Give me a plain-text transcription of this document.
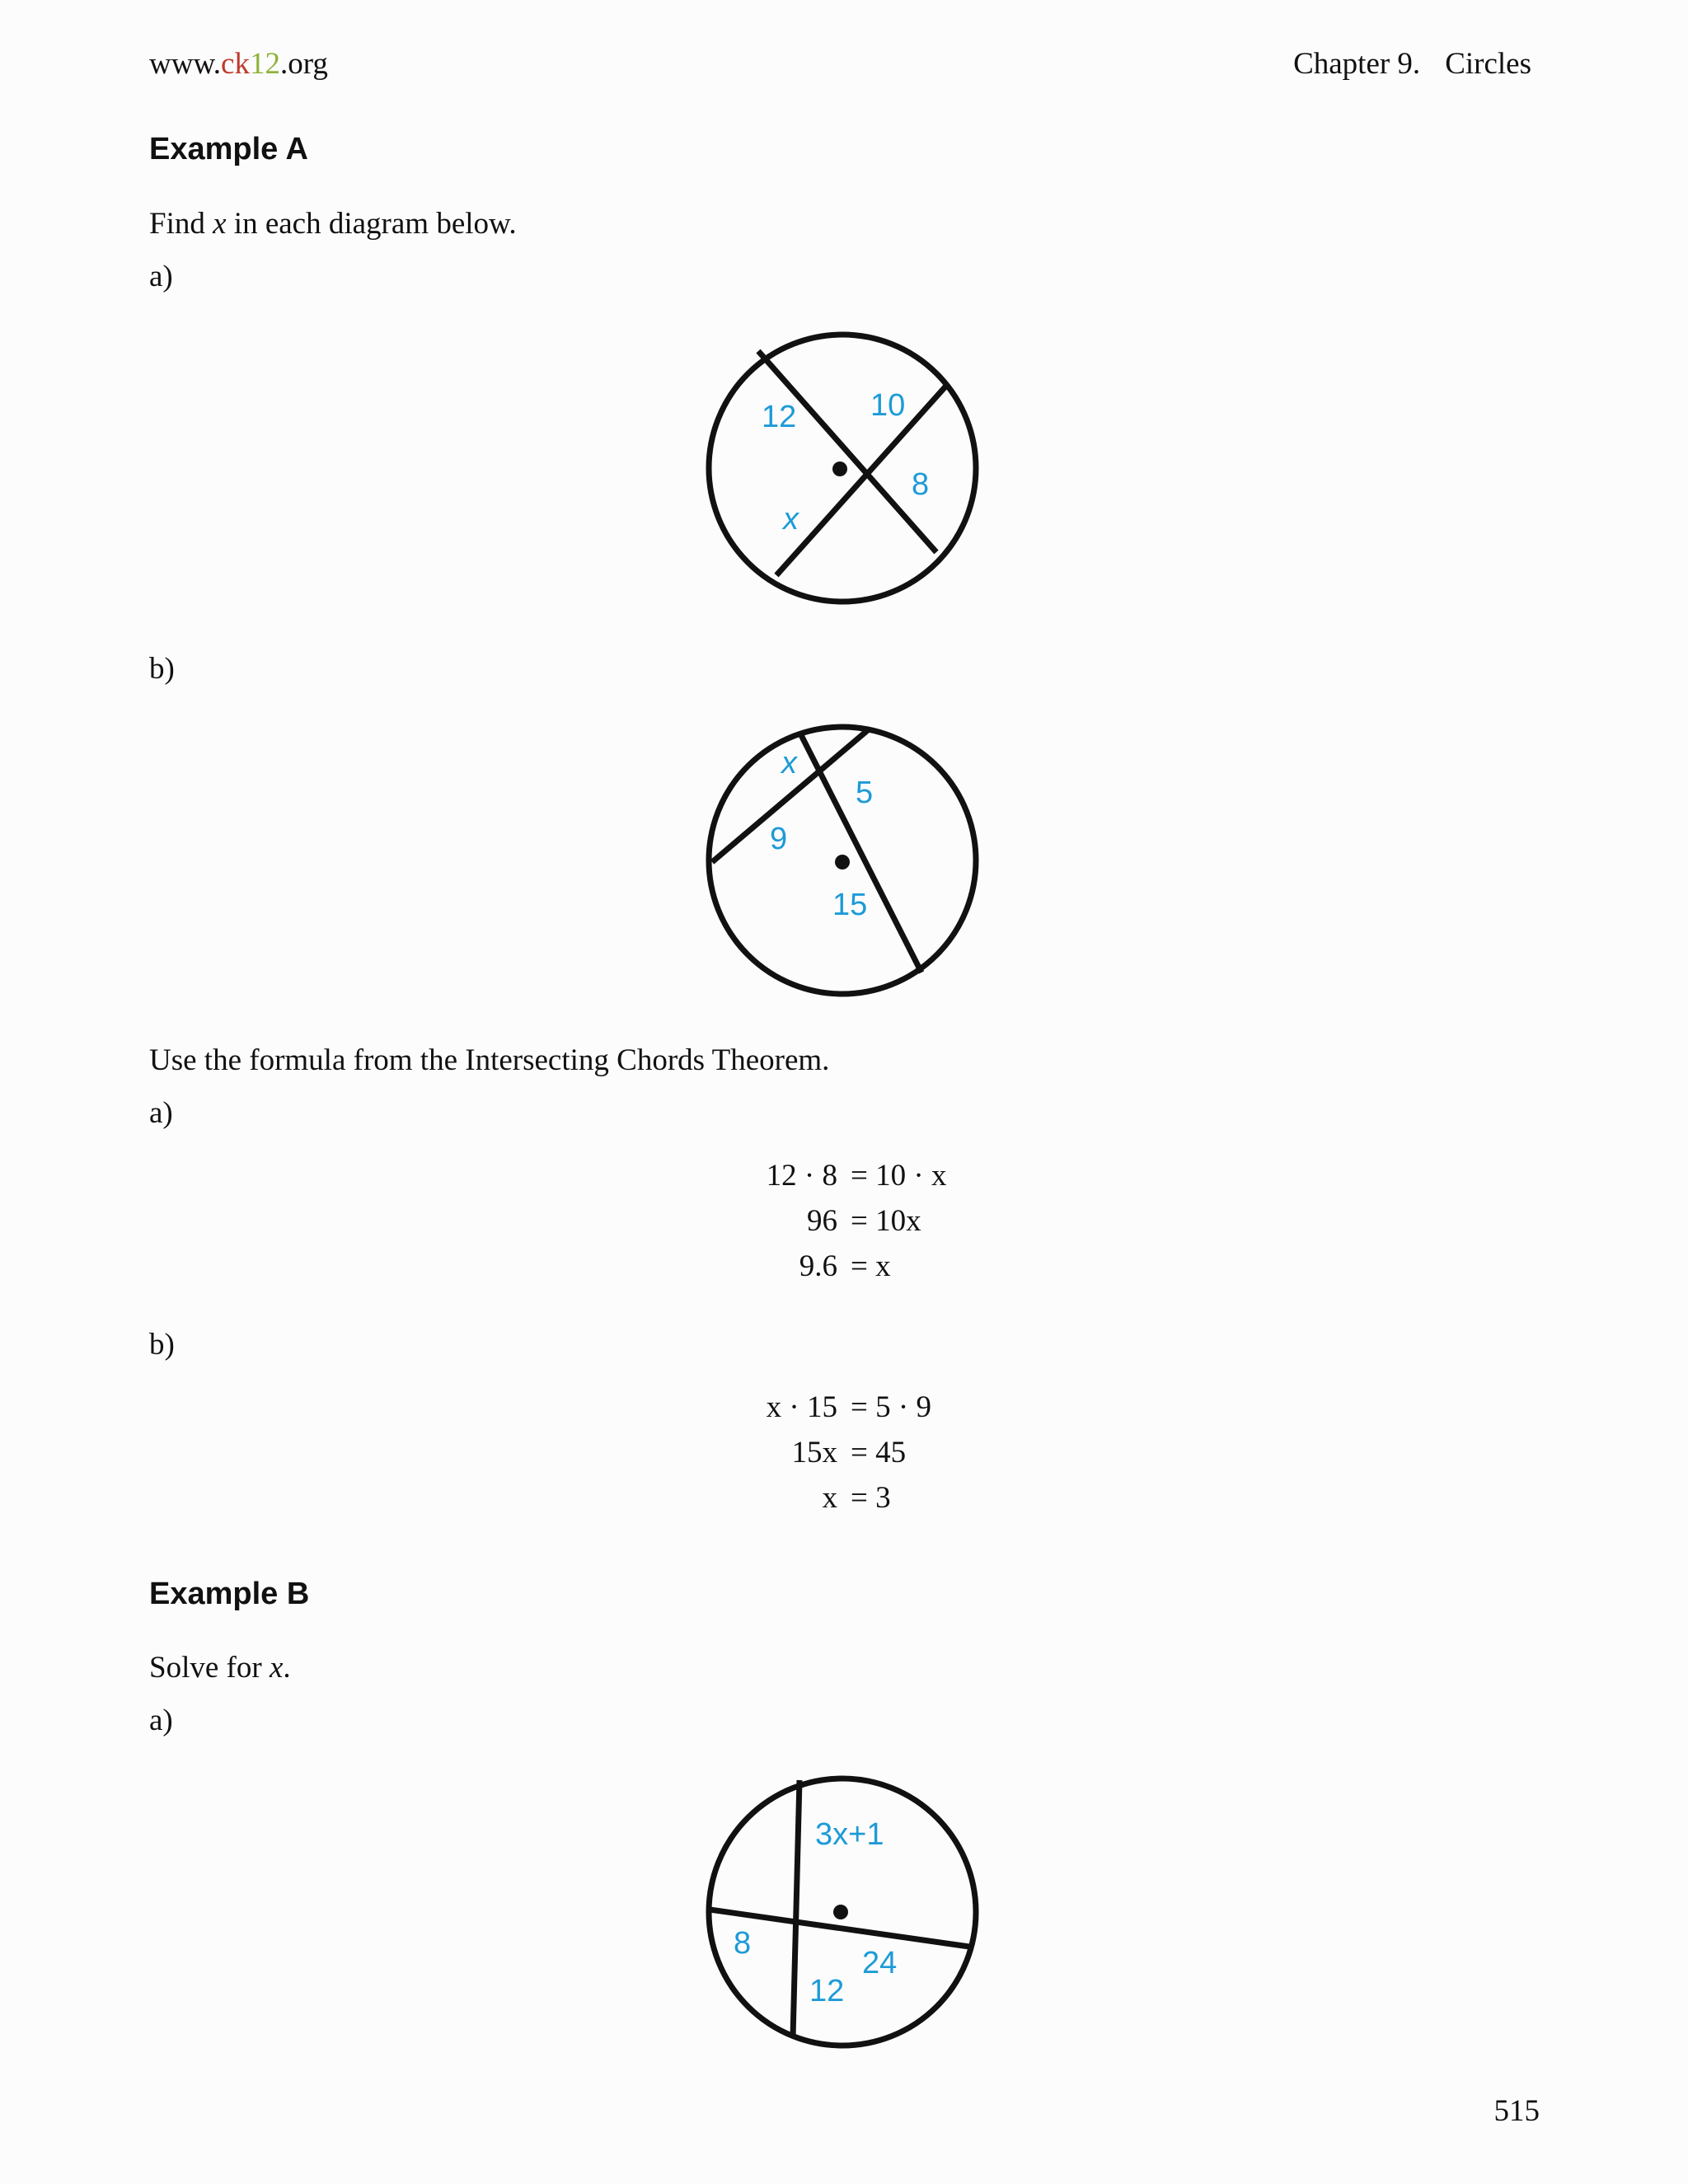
www.ck12.org	Chapter 9. Circles
Example A
Find x in each diagram below.
a)
12 10
8
x
b)
x
5
9
15
Use the formula from the Intersecting Chords Theorem.
a)
12 · 8 = 10 · x
96 = 10x
9.6 = x
b)
x · 15 = 5 · 9
15x = 45
x = 3
Example B
Solve for x.
a)
3x+1
8
24
12
515
